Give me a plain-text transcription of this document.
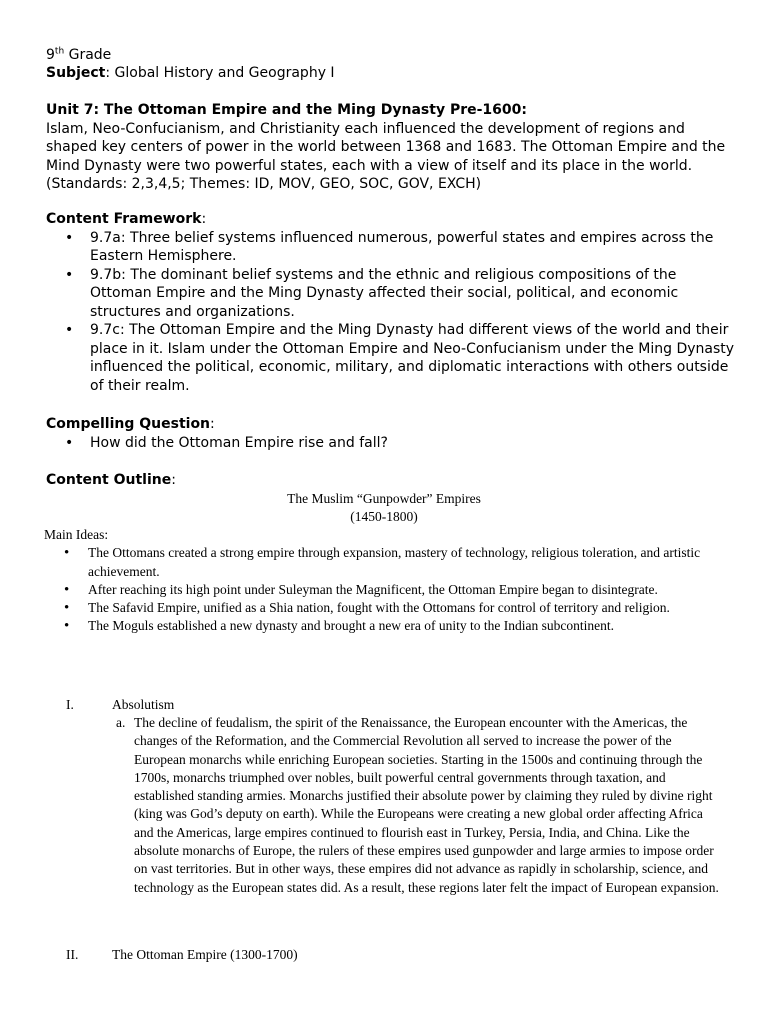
9th Grade
Subject: Global History and Geography I
Unit 7: The Ottoman Empire and the Ming Dynasty Pre-1600:
Islam, Neo-Confucianism, and Christianity each influenced the development of regions and shaped key centers of power in the world between 1368 and 1683. The Ottoman Empire and the Mind Dynasty were two powerful states, each with a view of itself and its place in the world. (Standards: 2,3,4,5; Themes: ID, MOV, GEO, SOC, GOV, EXCH)
Content Framework:
• 9.7a: Three belief systems influenced numerous, powerful states and empires across the Eastern Hemisphere.
• 9.7b: The dominant belief systems and the ethnic and religious compositions of the Ottoman Empire and the Ming Dynasty affected their social, political, and economic structures and organizations.
• 9.7c: The Ottoman Empire and the Ming Dynasty had different views of the world and their place in it. Islam under the Ottoman Empire and Neo-Confucianism under the Ming Dynasty influenced the political, economic, military, and diplomatic interactions with others outside of their realm.
Compelling Question:
• How did the Ottoman Empire rise and fall?
Content Outline:
The Muslim “Gunpowder” Empires
(1450-1800)
Main Ideas:
• The Ottomans created a strong empire through expansion, mastery of technology, religious toleration, and artistic achievement.
• After reaching its high point under Suleyman the Magnificent, the Ottoman Empire began to disintegrate.
• The Safavid Empire, unified as a Shia nation, fought with the Ottomans for control of territory and religion.
• The Moguls established a new dynasty and brought a new era of unity to the Indian subcontinent.
I.	Absolutism
a. The decline of feudalism, the spirit of the Renaissance, the European encounter with the Americas, the changes of the Reformation, and the Commercial Revolution all served to increase the power of the European monarchs while enriching European societies. Starting in the 1500s and continuing through the 1700s, monarchs triumphed over nobles, built powerful central governments through taxation, and established standing armies. Monarchs justified their absolute power by claiming they ruled by divine right (king was God’s deputy on earth). While the Europeans were creating a new global order affecting Africa and the Americas, large empires continued to flourish east in Turkey, Persia, India, and China. Like the absolute monarchs of Europe, the rulers of these empires used gunpowder and large armies to impose order on vast territories. But in other ways, these empires did not advance as rapidly in scholarship, science, and technology as the European states did. As a result, these regions later felt the impact of European expansion.
II. The Ottoman Empire (1300-1700)
